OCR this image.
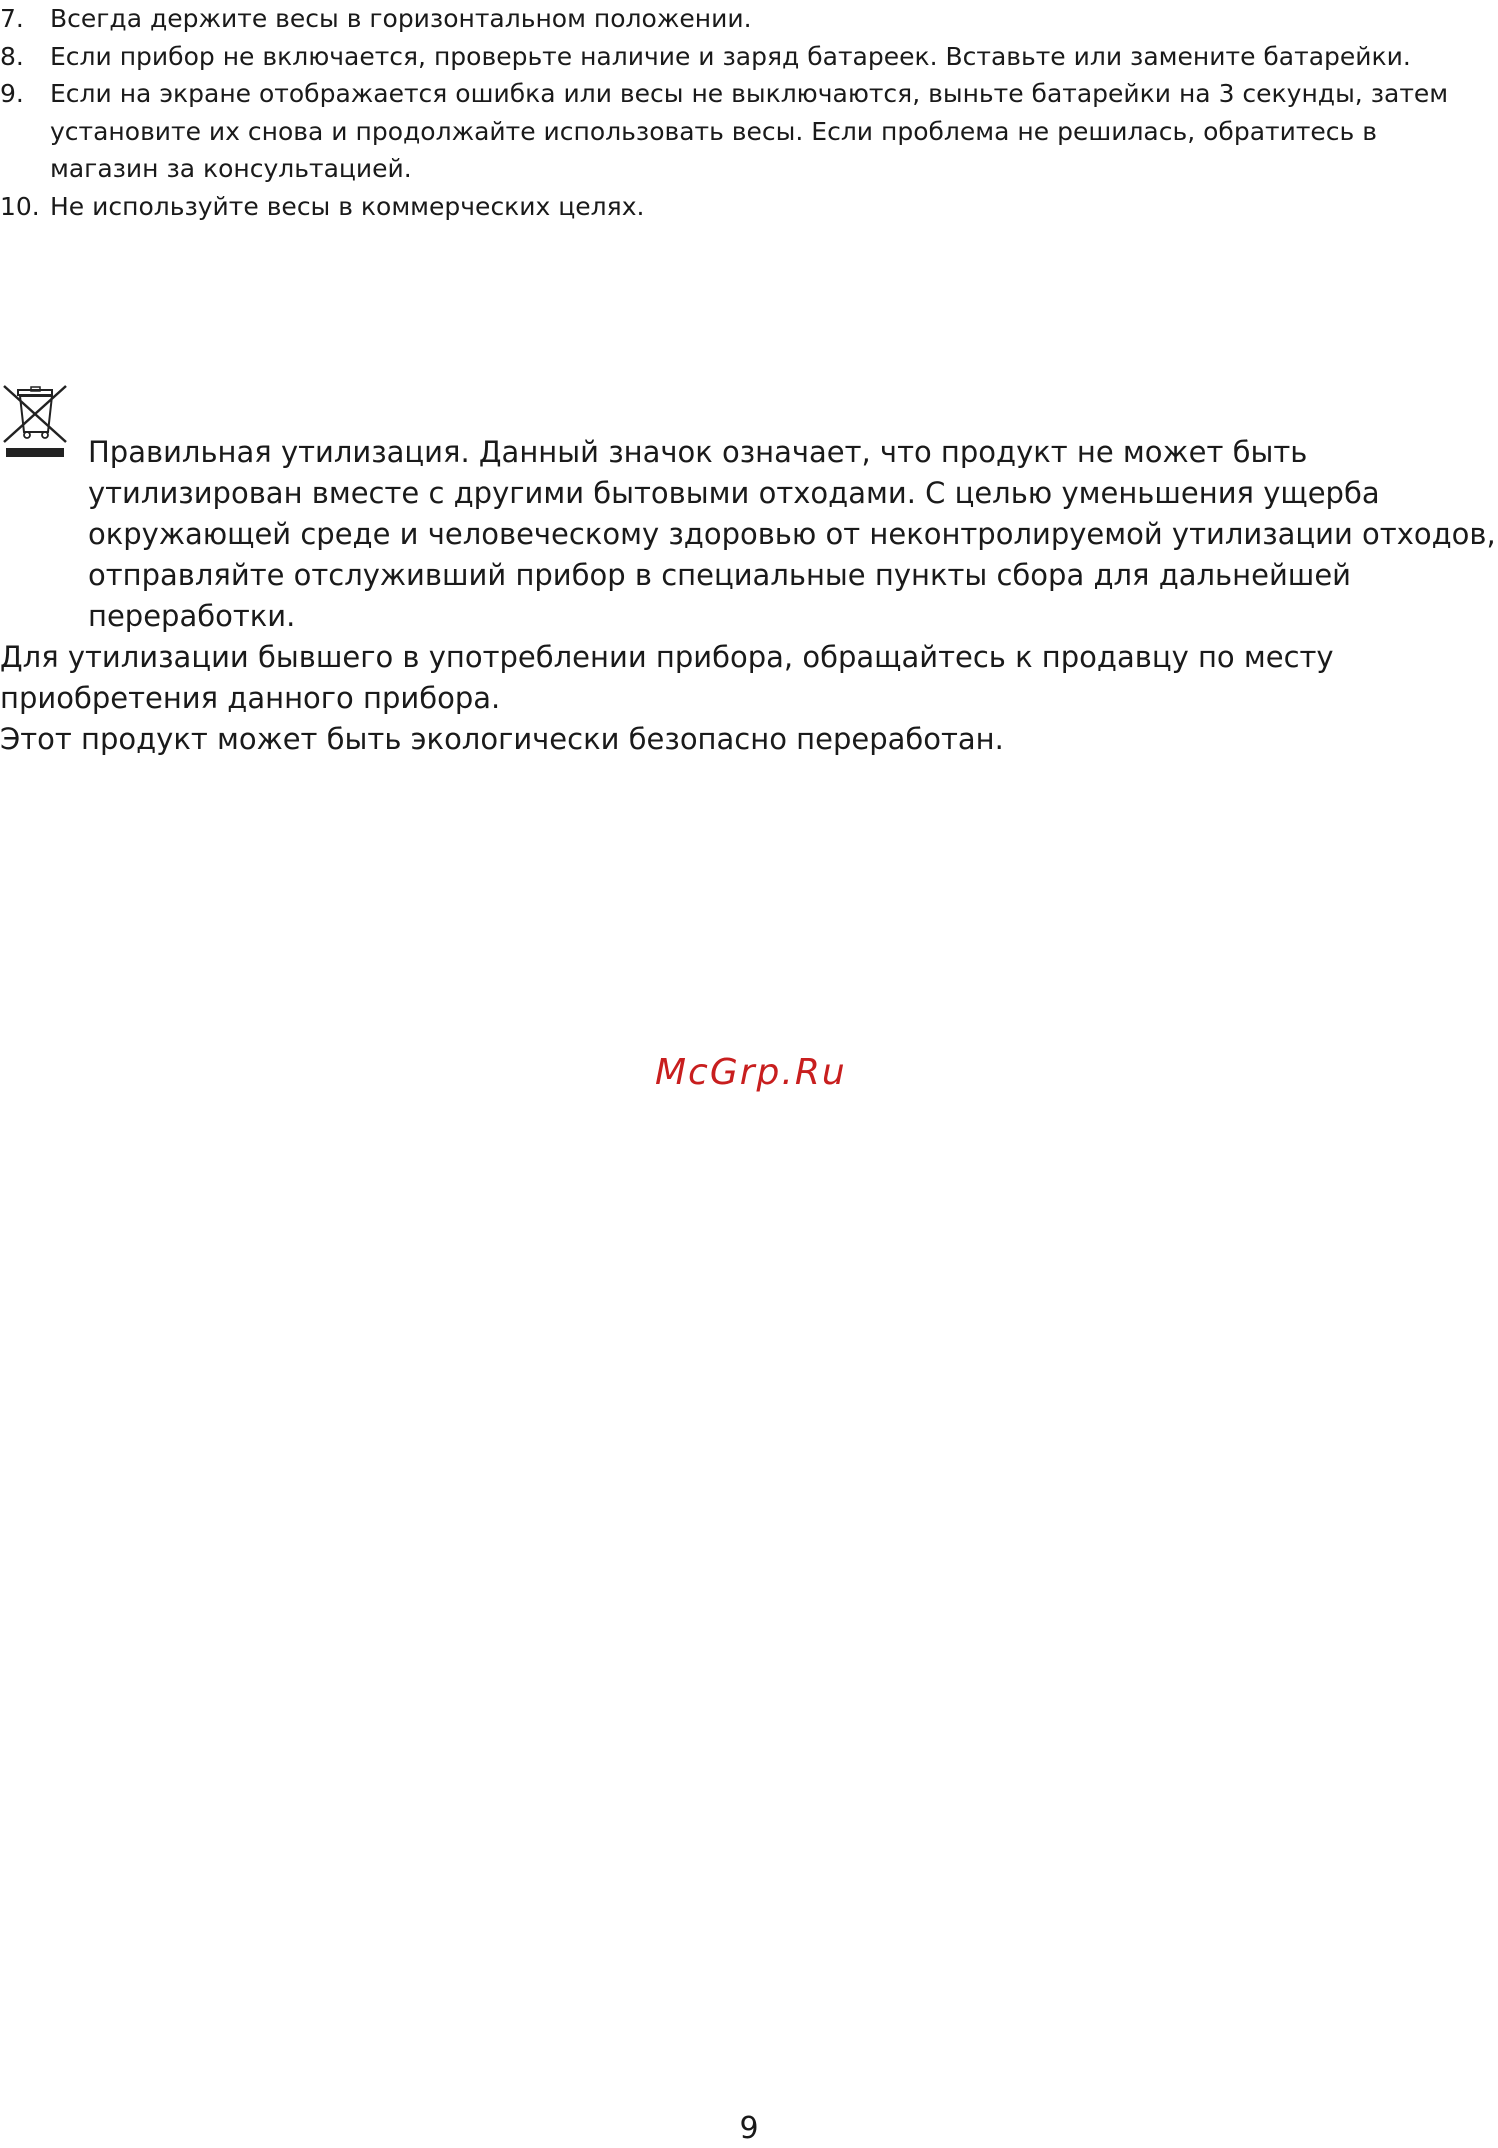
7. Всегда держите весы в горизонтальном положении.
8. Если прибор не включается, проверьте наличие и заряд батареек. Вставьте или замените батарейки.
9. Если на экране отображается ошибка или весы не выключаются, выньте батарейки на 3 секунды, затем установите их снова и продолжайте использовать весы. Если проблема не решилась, обратитесь в магазин за консультацией.
10. Не используйте весы в коммерческих целях.

Правильная утилизация. Данный значок означает, что продукт не может быть утилизирован вместе с другими бытовыми отходами. С целью уменьшения ущерба окружающей среде и человеческому здоровью от неконтролируемой утилизации отходов, отправляйте отслуживший прибор в специальные пункты сбора для дальнейшей переработки.

Для утилизации бывшего в употреблении прибора, обращайтесь к продавцу по месту приобретения данного прибора.

Этот продукт может быть экологически безопасно переработан.

McGrp.Ru
9
